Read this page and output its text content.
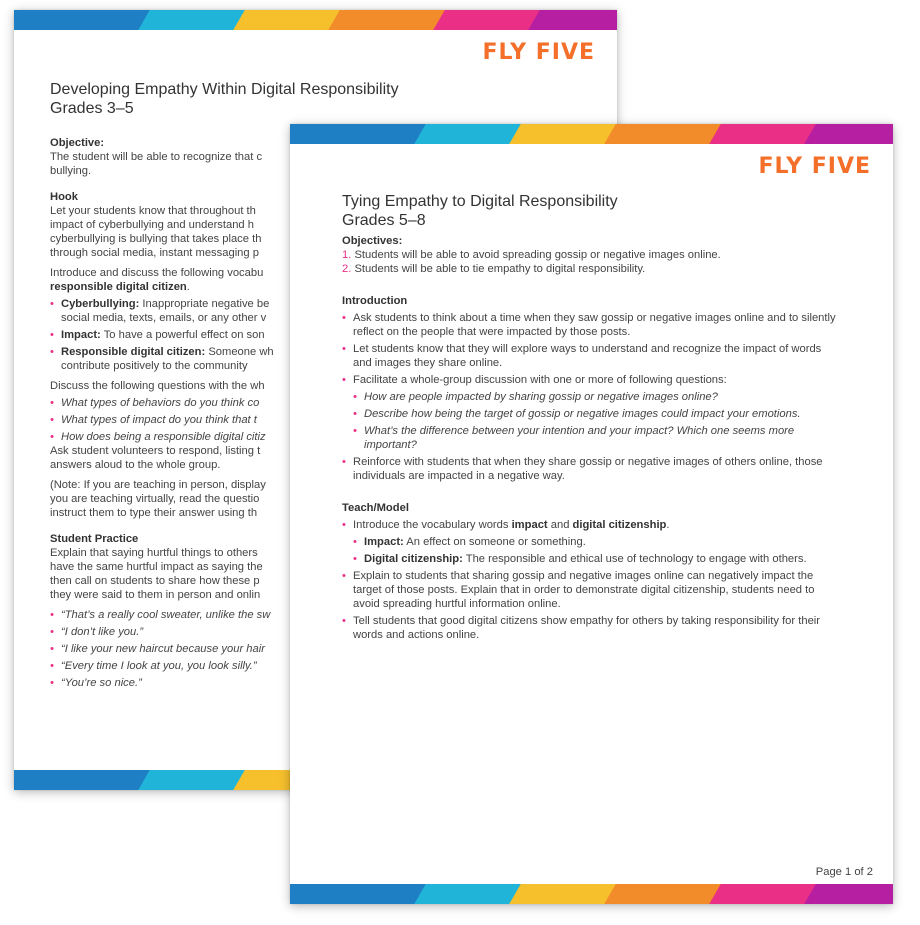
FLY FIVE
Developing Empathy Within Digital Responsibility
Grades 3–5
Objective:

The student will be able to recognize that c

bullying.

Hook

Let your students know that throughout th

impact of cyberbullying and understand h

cyberbullying is bullying that takes place th

through social media, instant messaging p

Introduce and discuss the following vocabu

responsible digital citizen.

• Cyberbullying: Inappropriate negative be
social media, texts, emails, or any other v
• Impact: To have a powerful effect on son
• Responsible digital citizen: Someone wh
contribute positively to the community

Discuss the following questions with the wh

• What types of behaviors do you think co
• What types of impact do you think that t
• How does being a responsible digital citiz

Ask student volunteers to respond, listing t

answers aloud to the whole group.

(Note: If you are teaching in person, display

you are teaching virtually, read the questio

instruct them to type their answer using th

Student Practice

Explain that saying hurtful things to others

have the same hurtful impact as saying the

then call on students to share how these p

they were said to them in person and onlin

• “That’s a really cool sweater, unlike the sw
• “I don’t like you.”
• “I like your new haircut because your hair
• “Every time I look at you, you look silly.”
• “You’re so nice.”
FLY FIVE
Tying Empathy to Digital Responsibility
Grades 5–8
Objectives:

1. Students will be able to avoid spreading gossip or negative images online.

2. Students will be able to tie empathy to digital responsibility.

Introduction
• Ask students to think about a time when they saw gossip or negative images online and to silently reflect on the people that were impacted by those posts.
• Let students know that they will explore ways to understand and recognize the impact of words and images they share online.
• Facilitate a whole-group discussion with one or more of following questions:
• How are people impacted by sharing gossip or negative images online?
• Describe how being the target of gossip or negative images could impact your emotions.
• What’s the difference between your intention and your impact? Which one seems more important?
• Reinforce with students that when they share gossip or negative images of others online, those individuals are impacted in a negative way.
Teach/Model
• Introduce the vocabulary words impact and digital citizenship.
• Impact: An effect on someone or something.
• Digital citizenship: The responsible and ethical use of technology to engage with others.
• Explain to students that sharing gossip and negative images online can negatively impact the target of those posts. Explain that in order to demonstrate digital citizenship, students need to avoid spreading hurtful information online.
• Tell students that good digital citizens show empathy for others by taking responsibility for their words and actions online.
Page 1 of 2
